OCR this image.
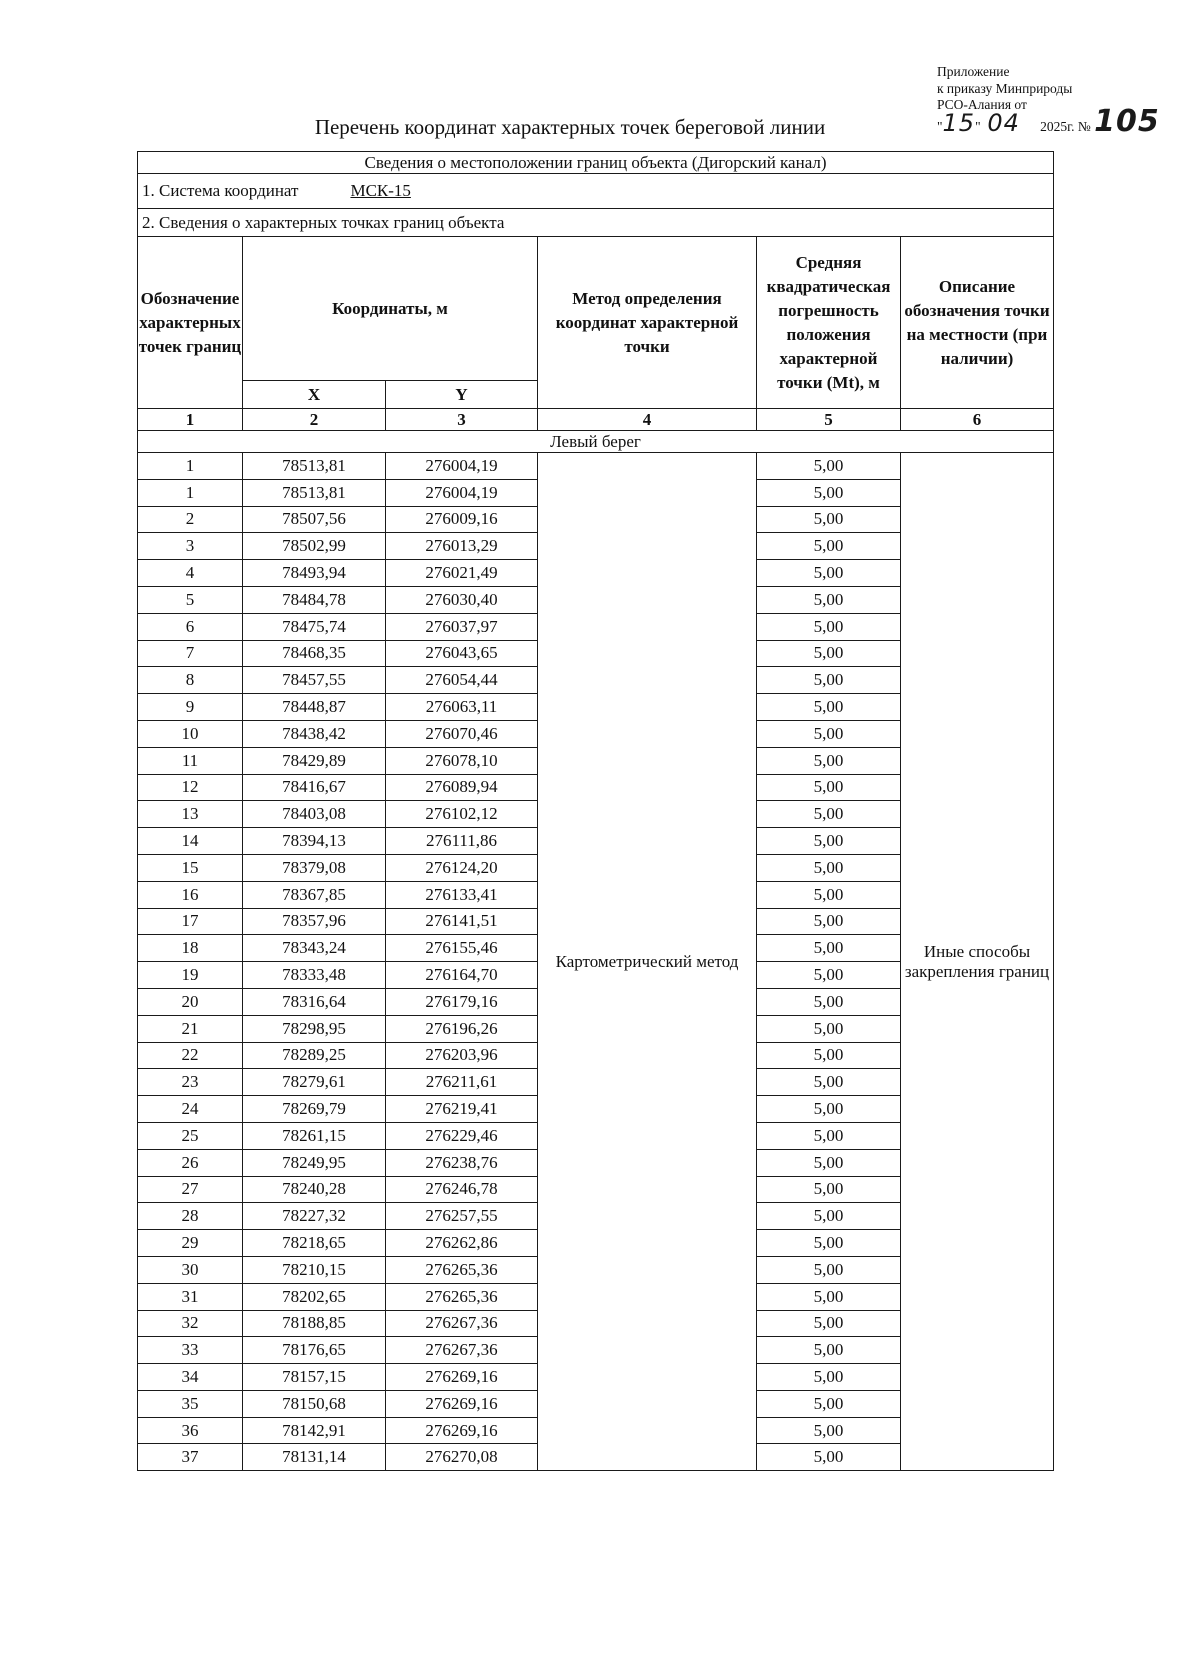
Приложение
к приказу Минприроды
РСО-Алания от
"15" 04 2025г. № 105
Перечень координат характерных точек береговой линии
Сведения о местоположении границ объекта (Дигорский канал)					
1. Система координат МСК-15					
2. Сведения о характерных точках границ объекта					
Обозначение характерных точек границ	Координаты, м		Метод определения координат характерной точки	Средняя квадратическая погрешность положения характерной точки (Mt), м	Описание обозначения точки на местности (при наличии)
	X	Y			
1	2	3	4	5	6
Левый берег					
1	78513,81	276004,19	Картометрический метод	5,00	Иные способы закрепления границ
1	78513,81	276004,19		5,00	
2	78507,56	276009,16		5,00	
3	78502,99	276013,29		5,00	
4	78493,94	276021,49		5,00	
5	78484,78	276030,40		5,00	
6	78475,74	276037,97		5,00	
7	78468,35	276043,65		5,00	
8	78457,55	276054,44		5,00	
9	78448,87	276063,11		5,00	
10	78438,42	276070,46		5,00	
11	78429,89	276078,10		5,00	
12	78416,67	276089,94		5,00	
13	78403,08	276102,12		5,00	
14	78394,13	276111,86		5,00	
15	78379,08	276124,20		5,00	
16	78367,85	276133,41		5,00	
17	78357,96	276141,51		5,00	
18	78343,24	276155,46		5,00	
19	78333,48	276164,70		5,00	
20	78316,64	276179,16		5,00	
21	78298,95	276196,26		5,00	
22	78289,25	276203,96		5,00	
23	78279,61	276211,61		5,00	
24	78269,79	276219,41		5,00	
25	78261,15	276229,46		5,00	
26	78249,95	276238,76		5,00	
27	78240,28	276246,78		5,00	
28	78227,32	276257,55		5,00	
29	78218,65	276262,86		5,00	
30	78210,15	276265,36		5,00	
31	78202,65	276265,36		5,00	
32	78188,85	276267,36		5,00	
33	78176,65	276267,36		5,00	
34	78157,15	276269,16		5,00	
35	78150,68	276269,16		5,00	
36	78142,91	276269,16		5,00	
37	78131,14	276270,08		5,00	
